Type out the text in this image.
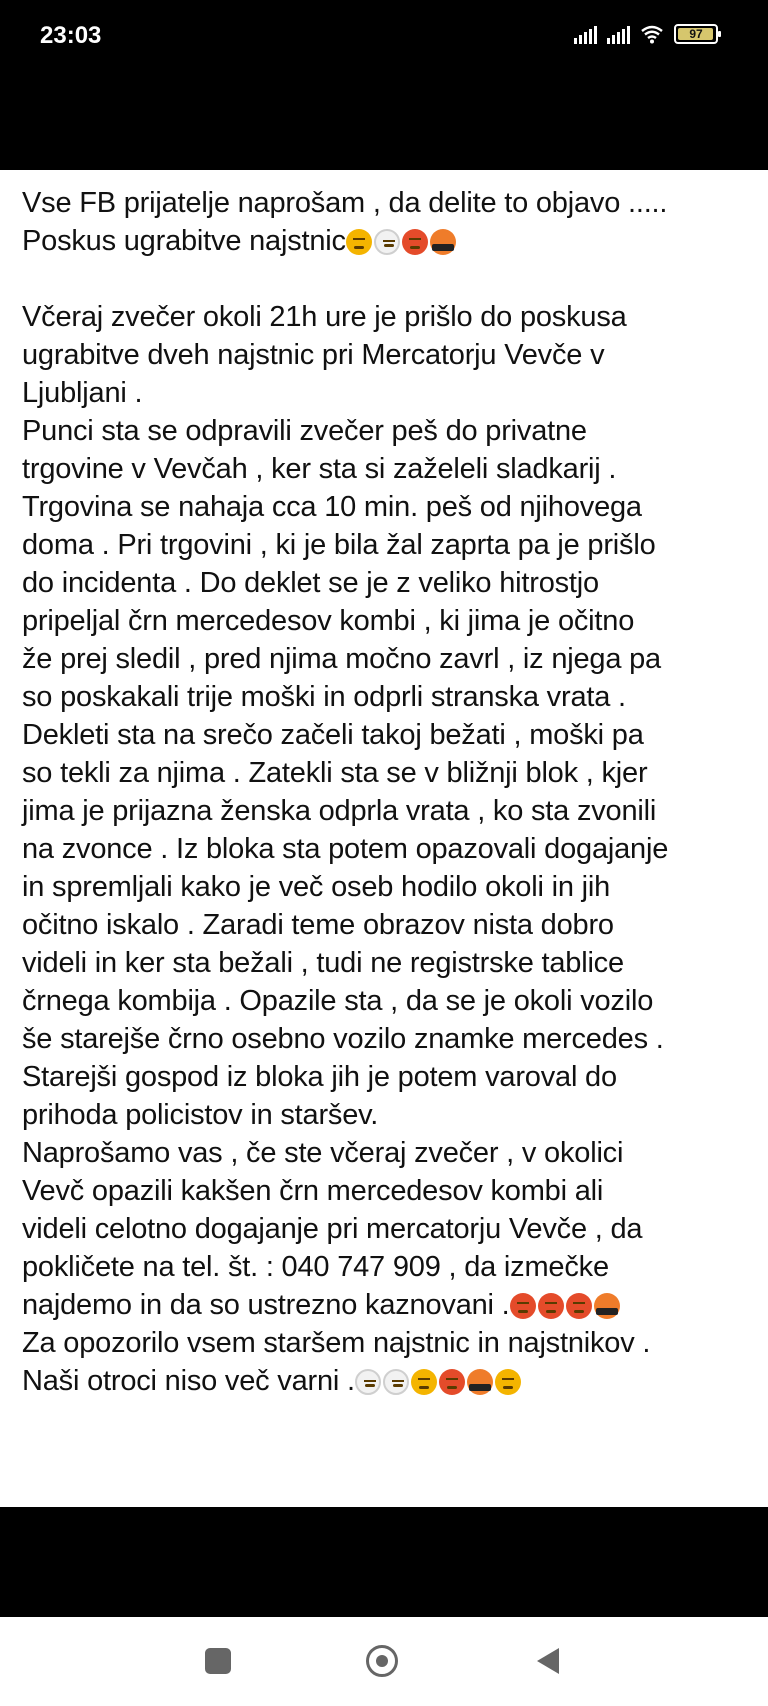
23:03	97
Vse FB prijatelje naprošam , da delite to objavo .....
Poskus ugrabitve najstnic
Včeraj zvečer okoli 21h ure je prišlo do poskusa
ugrabitve dveh najstnic pri Mercatorju Vevče v
Ljubljani .
Punci sta se odpravili zvečer peš do privatne
trgovine v Vevčah , ker sta si zaželeli sladkarij .
Trgovina se nahaja cca 10 min. peš od njihovega
doma . Pri trgovini , ki je bila žal zaprta pa je prišlo
do incidenta . Do deklet se je z veliko hitrostjo
pripeljal črn mercedesov kombi , ki jima je očitno
že prej sledil , pred njima močno zavrl , iz njega pa
so poskakali trije moški in odprli stranska vrata .
Dekleti sta na srečo začeli takoj bežati , moški pa
so tekli za njima . Zatekli sta se v bližnji blok , kjer
jima je prijazna ženska odprla vrata , ko sta zvonili
na zvonce . Iz bloka sta potem opazovali dogajanje
in spremljali kako je več oseb hodilo okoli in jih
očitno iskalo . Zaradi teme obrazov nista dobro
videli in ker sta bežali , tudi ne registrske tablice
črnega kombija . Opazile sta , da se je okoli vozilo
še starejše črno osebno vozilo znamke mercedes .
Starejši gospod iz bloka jih je potem varoval do
prihoda policistov in staršev.
Naprošamo vas , če ste včeraj zvečer , v okolici
Vevč opazili kakšen črn mercedesov kombi ali
videli celotno dogajanje pri mercatorju Vevče , da
pokličete na tel. št. : 040 747 909 , da izmečke
najdemo in da so ustrezno kaznovani .
Za opozorilo vsem staršem najstnic in najstnikov .
Naši otroci niso več varni .
